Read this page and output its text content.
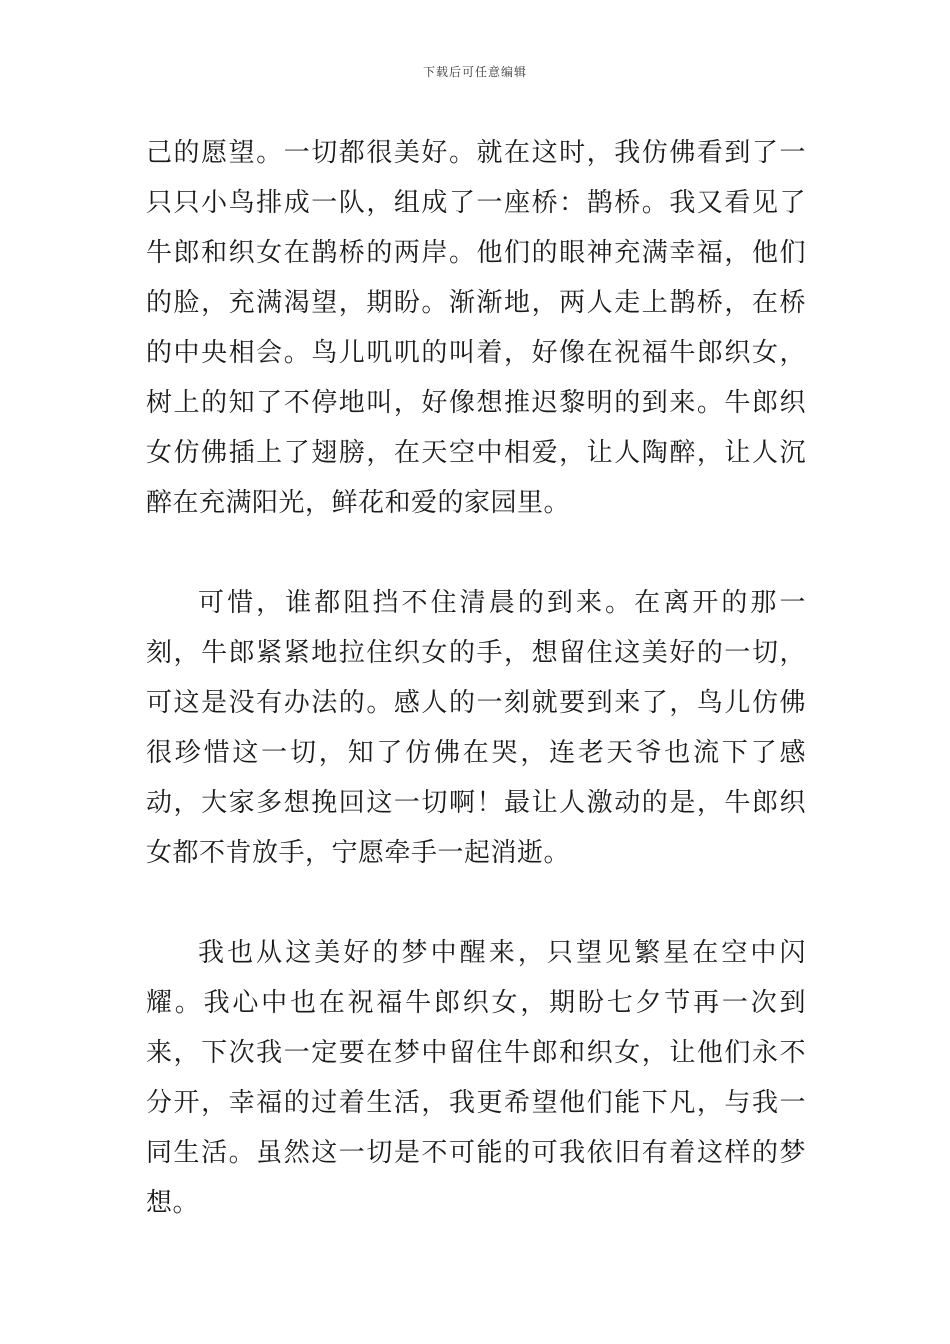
下载后可任意编辑

己的愿望。一切都很美好。就在这时，我仿佛看到了一只只小鸟排成一队，组成了一座桥：鹊桥。我又看见了牛郎和织女在鹊桥的两岸。他们的眼神充满幸福，他们的脸，充满渴望，期盼。渐渐地，两人走上鹊桥，在桥的中央相会。鸟儿叽叽的叫着，好像在祝福牛郎织女，树上的知了不停地叫，好像想推迟黎明的到来。牛郎织女仿佛插上了翅膀，在天空中相爱，让人陶醉，让人沉醉在充满阳光，鲜花和爱的家园里。

可惜，谁都阻挡不住清晨的到来。在离开的那一刻，牛郎紧紧地拉住织女的手，想留住这美好的一切，可这是没有办法的。感人的一刻就要到来了，鸟儿仿佛很珍惜这一切，知了仿佛在哭，连老天爷也流下了感动，大家多想挽回这一切啊！最让人激动的是，牛郎织女都不肯放手，宁愿牵手一起消逝。

我也从这美好的梦中醒来，只望见繁星在空中闪耀。我心中也在祝福牛郎织女，期盼七夕节再一次到来，下次我一定要在梦中留住牛郎和织女，让他们永不分开，幸福的过着生活，我更希望他们能下凡，与我一同生活。虽然这一切是不可能的可我依旧有着这样的梦想。
